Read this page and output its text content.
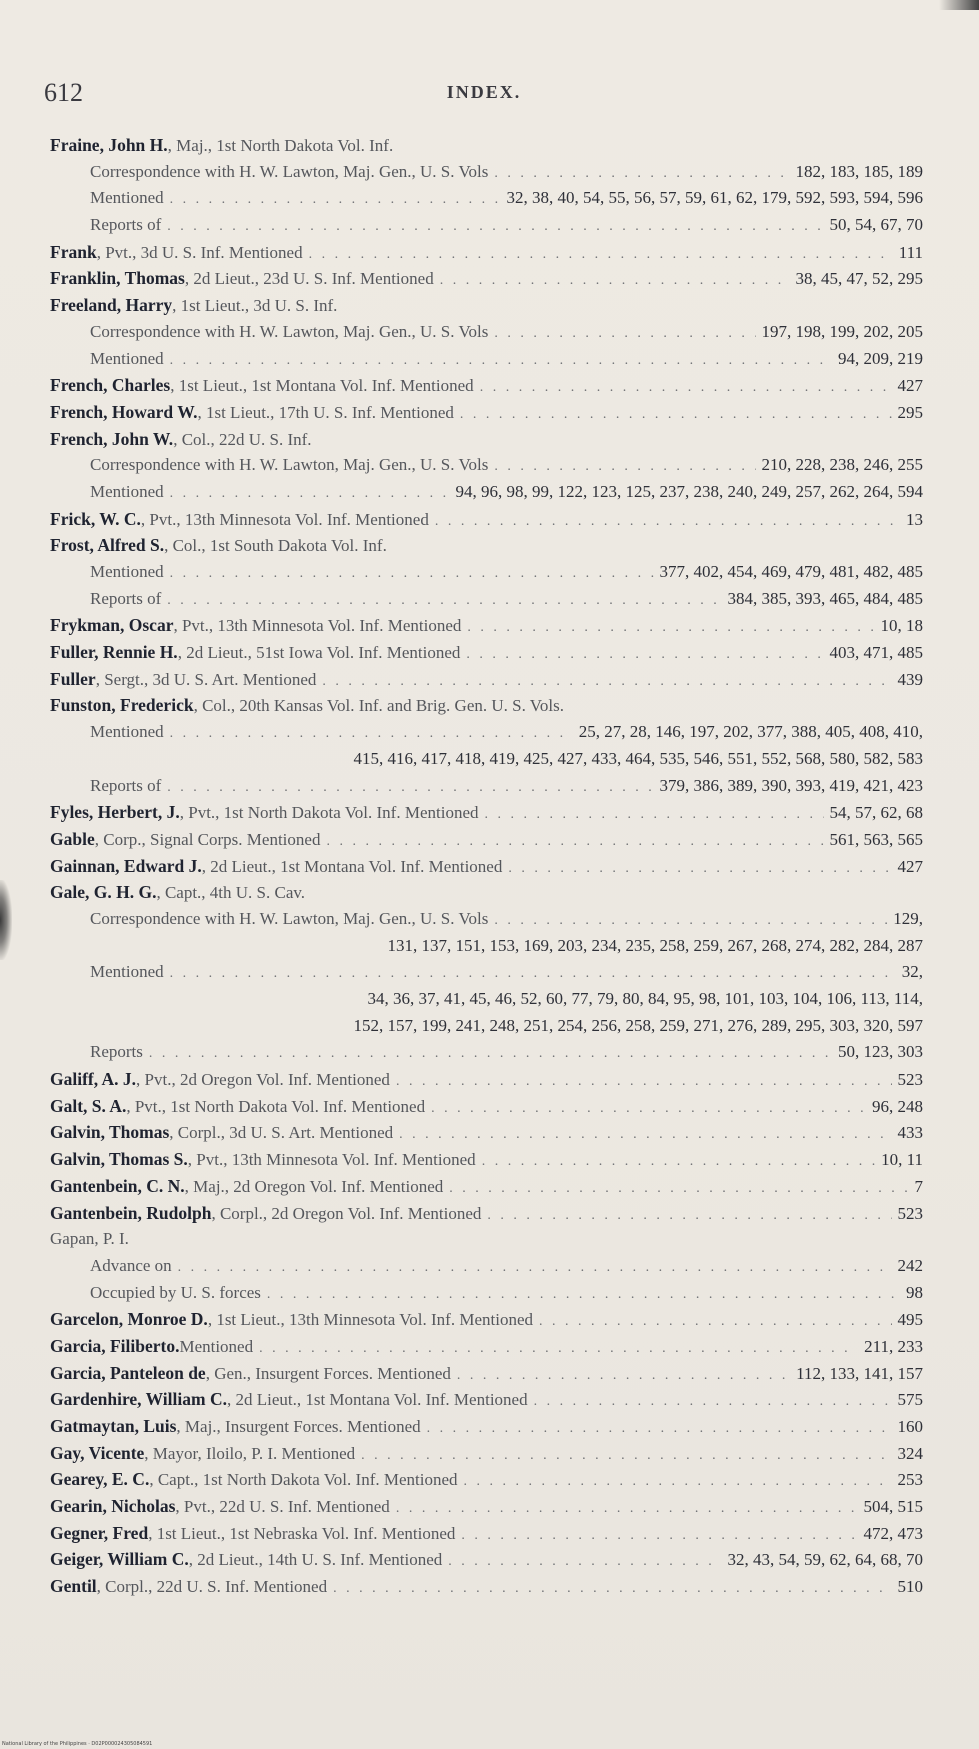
612	INDEX.
Fraine, John H. , Maj., 1st North Dakota Vol. Inf.
Correspondence with H. W. Lawton, Maj. Gen., U. S. Vols . . .	182, 183, 185, 189
Mentioned . . .	32, 38, 40, 54, 55, 56, 57, 59, 61, 62, 179, 592, 593, 594, 596
Reports of . . .	50, 54, 67, 70
Frank , Pvt., 3d U. S. Inf. Mentioned . . .	111
Franklin, Thomas , 2d Lieut., 23d U. S. Inf. Mentioned . . .	38, 45, 47, 52, 295
Freeland, Harry , 1st Lieut., 3d U. S. Inf.
Correspondence with H. W. Lawton, Maj. Gen., U. S. Vols . . .	197, 198, 199, 202, 205
Mentioned . . .	94, 209, 219
French, Charles , 1st Lieut., 1st Montana Vol. Inf. Mentioned . . .	427
French, Howard W. , 1st Lieut., 17th U. S. Inf. Mentioned . . .	295
French, John W. , Col., 22d U. S. Inf.
Correspondence with H. W. Lawton, Maj. Gen., U. S. Vols . . .	210, 228, 238, 246, 255
Mentioned . . .	94, 96, 98, 99, 122, 123, 125, 237, 238, 240, 249, 257, 262, 264, 594
Frick, W. C. , Pvt., 13th Minnesota Vol. Inf. Mentioned . . .	13
Frost, Alfred S. , Col., 1st South Dakota Vol. Inf.
Mentioned . . .	377, 402, 454, 469, 479, 481, 482, 485
Reports of . . .	384, 385, 393, 465, 484, 485
Frykman, Oscar , Pvt., 13th Minnesota Vol. Inf. Mentioned . . .	10, 18
Fuller, Rennie H. , 2d Lieut., 51st Iowa Vol. Inf. Mentioned . . .	403, 471, 485
Fuller , Sergt., 3d U. S. Art. Mentioned . . .	439
Funston, Frederick , Col., 20th Kansas Vol. Inf. and Brig. Gen. U. S. Vols.
Mentioned . . .	25, 27, 28, 146, 197, 202, 377, 388, 405, 408, 410,
415, 416, 417, 418, 419, 425, 427, 433, 464, 535, 546, 551, 552, 568, 580, 582, 583
Reports of . . .	379, 386, 389, 390, 393, 419, 421, 423
Fyles, Herbert, J. , Pvt., 1st North Dakota Vol. Inf. Mentioned . . .	54, 57, 62, 68
Gable , Corp., Signal Corps. Mentioned . . .	561, 563, 565
Gainnan, Edward J. , 2d Lieut., 1st Montana Vol. Inf. Mentioned . . .	427
Gale, G. H. G. , Capt., 4th U. S. Cav.
Correspondence with H. W. Lawton, Maj. Gen., U. S. Vols . . .	129,
131, 137, 151, 153, 169, 203, 234, 235, 258, 259, 267, 268, 274, 282, 284, 287
Mentioned . . .	32,
34, 36, 37, 41, 45, 46, 52, 60, 77, 79, 80, 84, 95, 98, 101, 103, 104, 106, 113, 114,
152, 157, 199, 241, 248, 251, 254, 256, 258, 259, 271, 276, 289, 295, 303, 320, 597
Reports . . .	50, 123, 303
Galiff, A. J. , Pvt., 2d Oregon Vol. Inf. Mentioned . . .	523
Galt, S. A. , Pvt., 1st North Dakota Vol. Inf. Mentioned . . .	96, 248
Galvin, Thomas , Corpl., 3d U. S. Art. Mentioned . . .	433
Galvin, Thomas S. , Pvt., 13th Minnesota Vol. Inf. Mentioned . . .	10, 11
Gantenbein, C. N. , Maj., 2d Oregon Vol. Inf. Mentioned . . .	7
Gantenbein, Rudolph , Corpl., 2d Oregon Vol. Inf. Mentioned . . .	523
Gapan, P. I.
Advance on . . .	242
Occupied by U. S. forces . . .	98
Garcelon, Monroe D. , 1st Lieut., 13th Minnesota Vol. Inf. Mentioned . . .	495
Garcia, Filiberto. Mentioned . . .	211, 233
Garcia, Panteleon de , Gen., Insurgent Forces. Mentioned . . .	112, 133, 141, 157
Gardenhire, William C. , 2d Lieut., 1st Montana Vol. Inf. Mentioned . . .	575
Gatmaytan, Luis , Maj., Insurgent Forces. Mentioned . . .	160
Gay, Vicente , Mayor, Iloilo, P. I. Mentioned . . .	324
Gearey, E. C. , Capt., 1st North Dakota Vol. Inf. Mentioned . . .	253
Gearin, Nicholas , Pvt., 22d U. S. Inf. Mentioned . . .	504, 515
Gegner, Fred , 1st Lieut., 1st Nebraska Vol. Inf. Mentioned . . .	472, 473
Geiger, William C. , 2d Lieut., 14th U. S. Inf. Mentioned . . .	32, 43, 54, 59, 62, 64, 68, 70
Gentil , Corpl., 22d U. S. Inf. Mentioned . . .	510
National Library of the Philippines · D02P000024305084591
